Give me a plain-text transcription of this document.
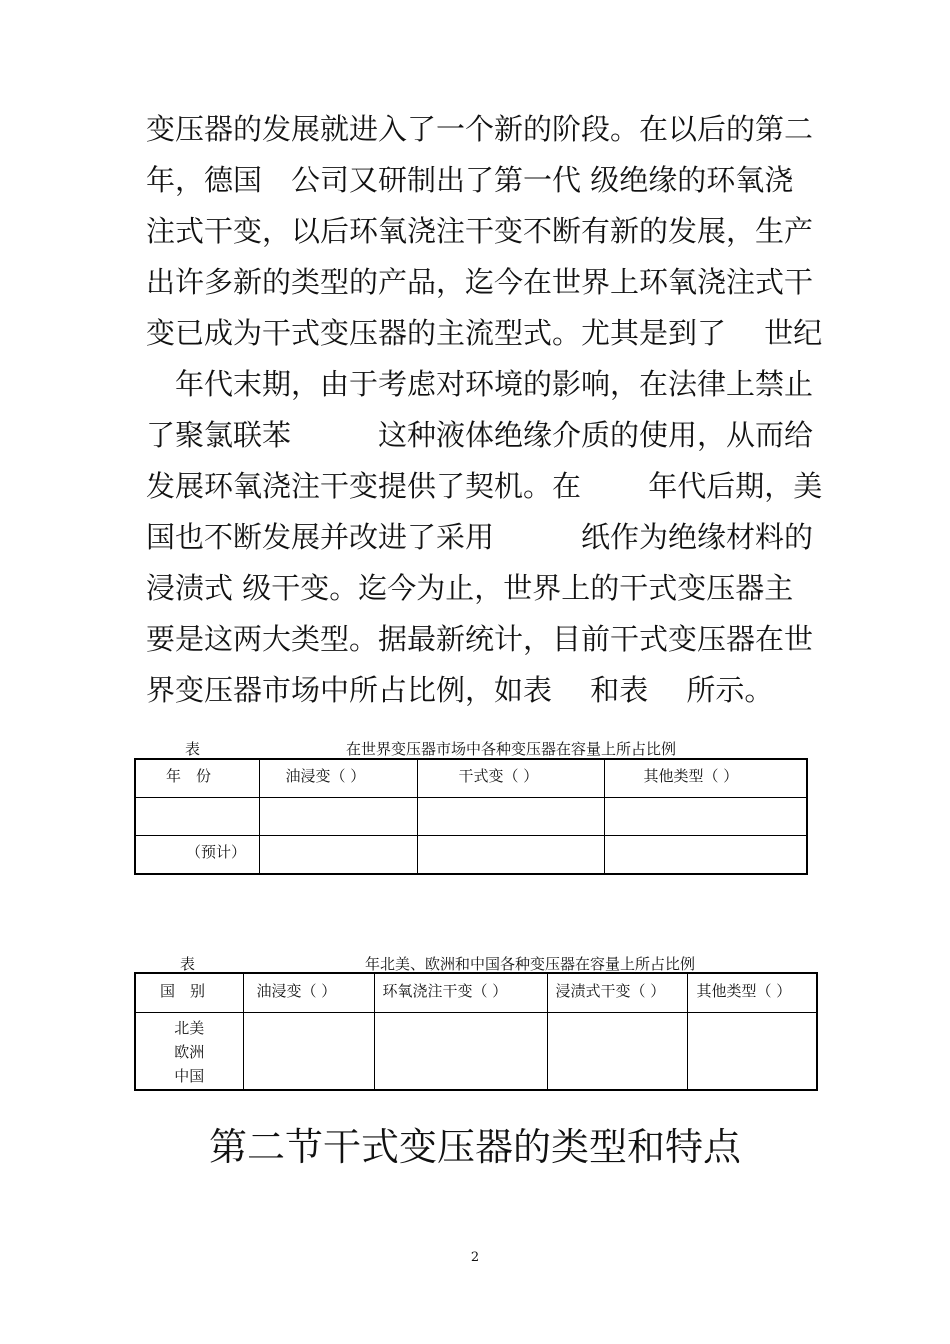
变压器的发展就进入了一个新的阶段。在以后的第二
年，德国　公司又研制出了第一代 级绝缘的环氧浇
注式干变，以后环氧浇注干变不断有新的发展，生产
出许多新的类型的产品，迄今在世界上环氧浇注式干
变已成为干式变压器的主流型式。尤其是到了　 世纪
　年代末期，由于考虑对环境的影响，在法律上禁止
了聚氯联苯　　　这种液体绝缘介质的使用，从而给
发展环氧浇注干变提供了契机。在　　 年代后期，美
国也不断发展并改进了采用　　　纸作为绝缘材料的
浸渍式 级干变。迄今为止，世界上的干式变压器主
要是这两大类型。据最新统计，目前干式变压器在世
界变压器市场中所占比例，如表　 和表　 所示。
表	在世界变压器市场中各种变压器在容量上所占比例
年　份	油浸变（ ）	干式变（ ）	其他类型（ ）

（预计）			

表	年北美、欧洲和中国各种变压器在容量上所占比例
国　别	油浸变（ ）	环氧浇注干变（ ）	浸渍式干变（ ）	其他类型（ ）

北美
欧洲
中国				

第二节干式变压器的类型和特点
2
